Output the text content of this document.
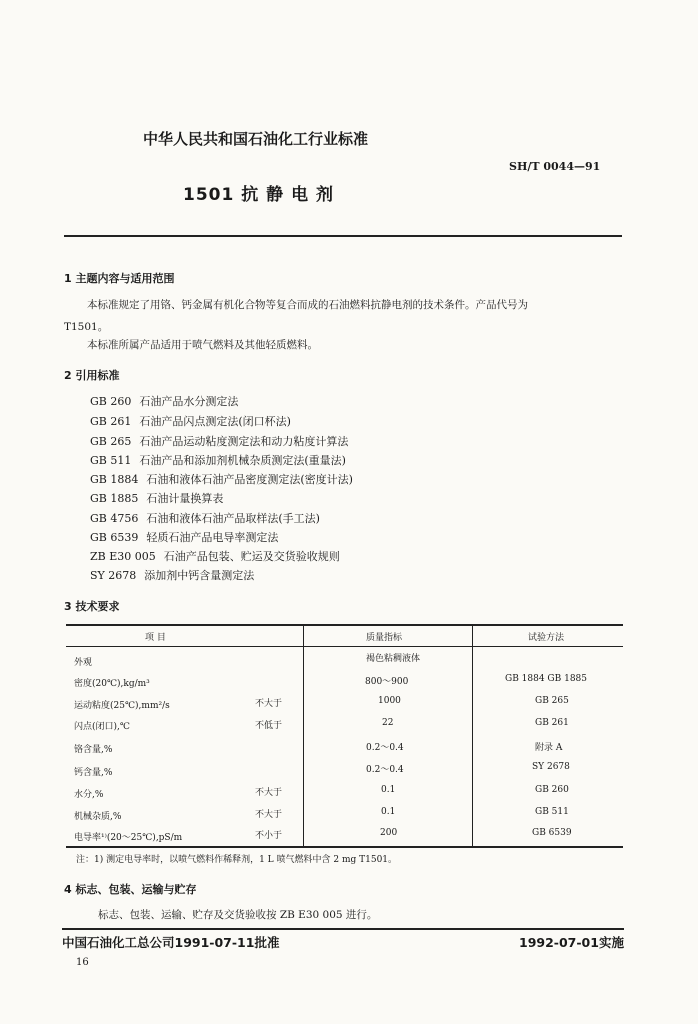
中华人民共和国石油化工行业标准
SH/T 0044—91
1501 抗 静 电 剂
1 主题内容与适用范围
本标准规定了用铬、钙金属有机化合物等复合而成的石油燃料抗静电剂的技术条件。产品代号为
T1501。
本标准所属产品适用于喷气燃料及其他轻质燃料。
2 引用标准
GB 260 石油产品水分测定法
GB 261 石油产品闪点测定法(闭口杯法)
GB 265 石油产品运动粘度测定法和动力粘度计算法
GB 511 石油产品和添加剂机械杂质测定法(重量法)
GB 1884 石油和液体石油产品密度测定法(密度计法)
GB 1885 石油计量换算表
GB 4756 石油和液体石油产品取样法(手工法)
GB 6539 轻质石油产品电导率测定法
ZB E30 005 石油产品包装、贮运及交货验收规则
SY 2678 添加剂中钙含量测定法
3 技术要求
项 目	质量指标	试验方法
外观	褐色粘稠液体
密度(20℃),kg/m³	800～900	GB 1884 GB 1885
运动粘度(25℃),mm²/s	不大于	1000	GB 265
闪点(闭口),℃	不低于	22	GB 261
铬含量,%	0.2～0.4	附录 A
钙含量,%	0.2～0.4	SY 2678
水分,%	不大于	0.1	GB 260
机械杂质,%	不大于	0.1	GB 511
电导率¹⁾(20～25℃),pS/m	不小于	200	GB 6539
注：1) 测定电导率时，以喷气燃料作稀释剂，1 L 喷气燃料中含 2 mg T1501。
4 标志、包装、运输与贮存
标志、包装、运输、贮存及交货验收按 ZB E30 005 进行。
中国石油化工总公司1991-07-11批准	1992-07-01实施
16
